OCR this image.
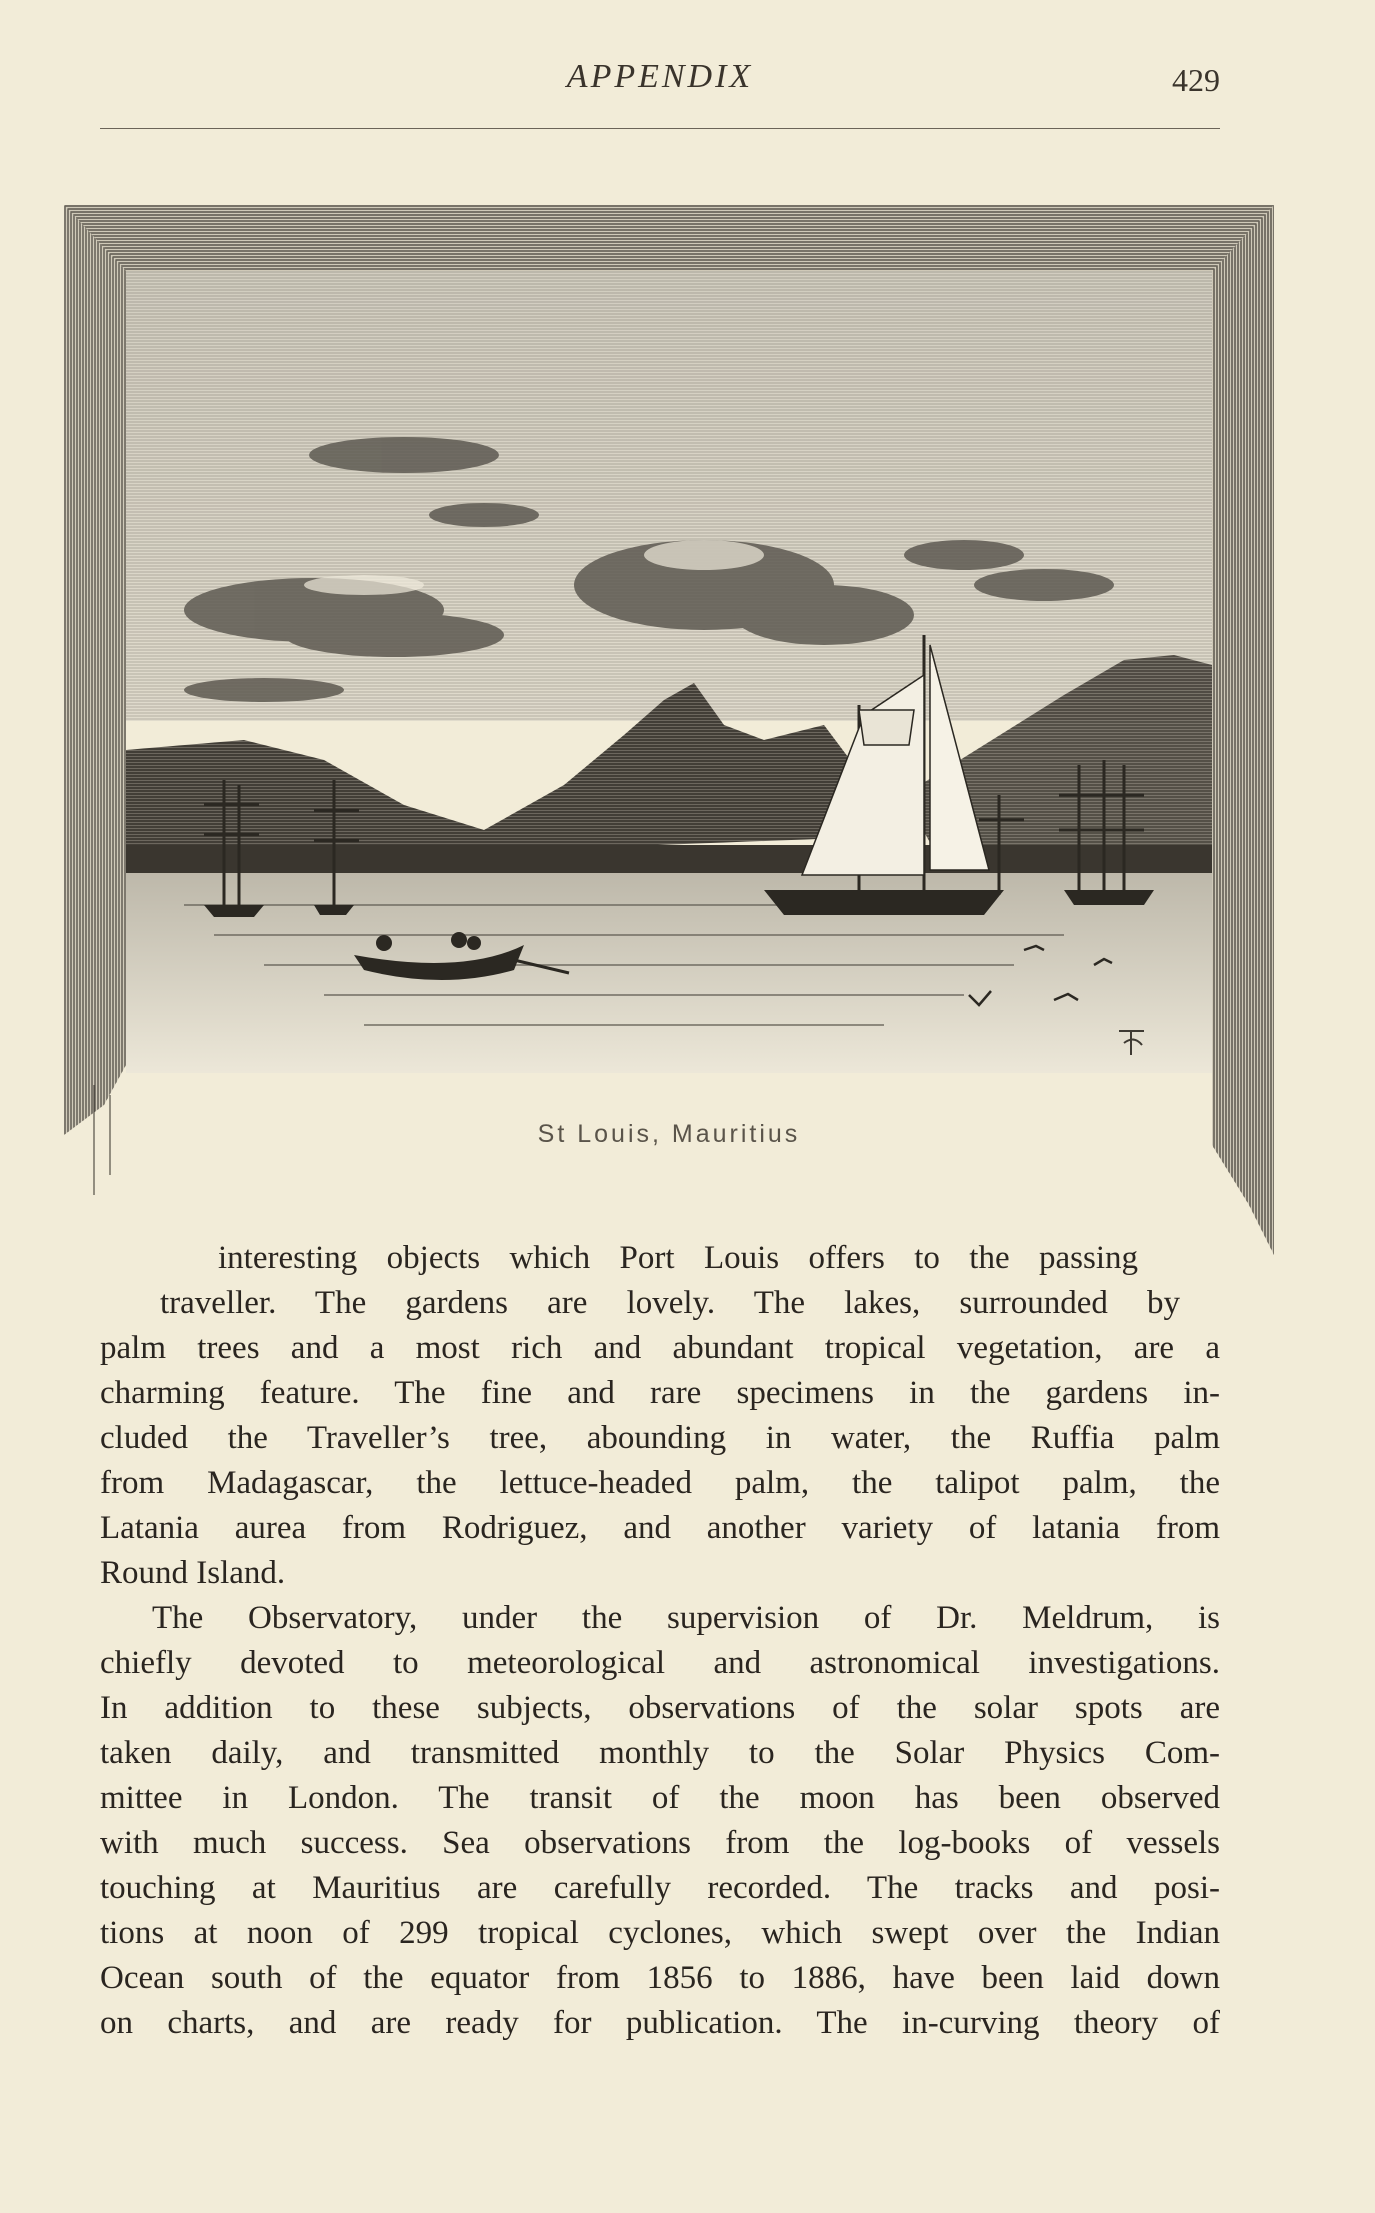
APPENDIX	429
St Louis, Mauritius
interesting objects which Port Louis offers to the passing
traveller. The gardens are lovely. The lakes, surrounded by
palm trees and a most rich and abundant tropical vegetation, are a
charming feature. The fine and rare specimens in the gardens in-
cluded the Traveller’s tree, abounding in water, the Ruffia palm
from Madagascar, the lettuce-headed palm, the talipot palm, the
Latania aurea from Rodriguez, and another variety of latania from
Round Island.
The Observatory, under the supervision of Dr. Meldrum, is
chiefly devoted to meteorological and astronomical investigations.
In addition to these subjects, observations of the solar spots are
taken daily, and transmitted monthly to the Solar Physics Com-
mittee in London. The transit of the moon has been observed
with much success. Sea observations from the log-books of vessels
touching at Mauritius are carefully recorded. The tracks and posi-
tions at noon of 299 tropical cyclones, which swept over the Indian
Ocean south of the equator from 1856 to 1886, have been laid down
on charts, and are ready for publication. The in-curving theory of
